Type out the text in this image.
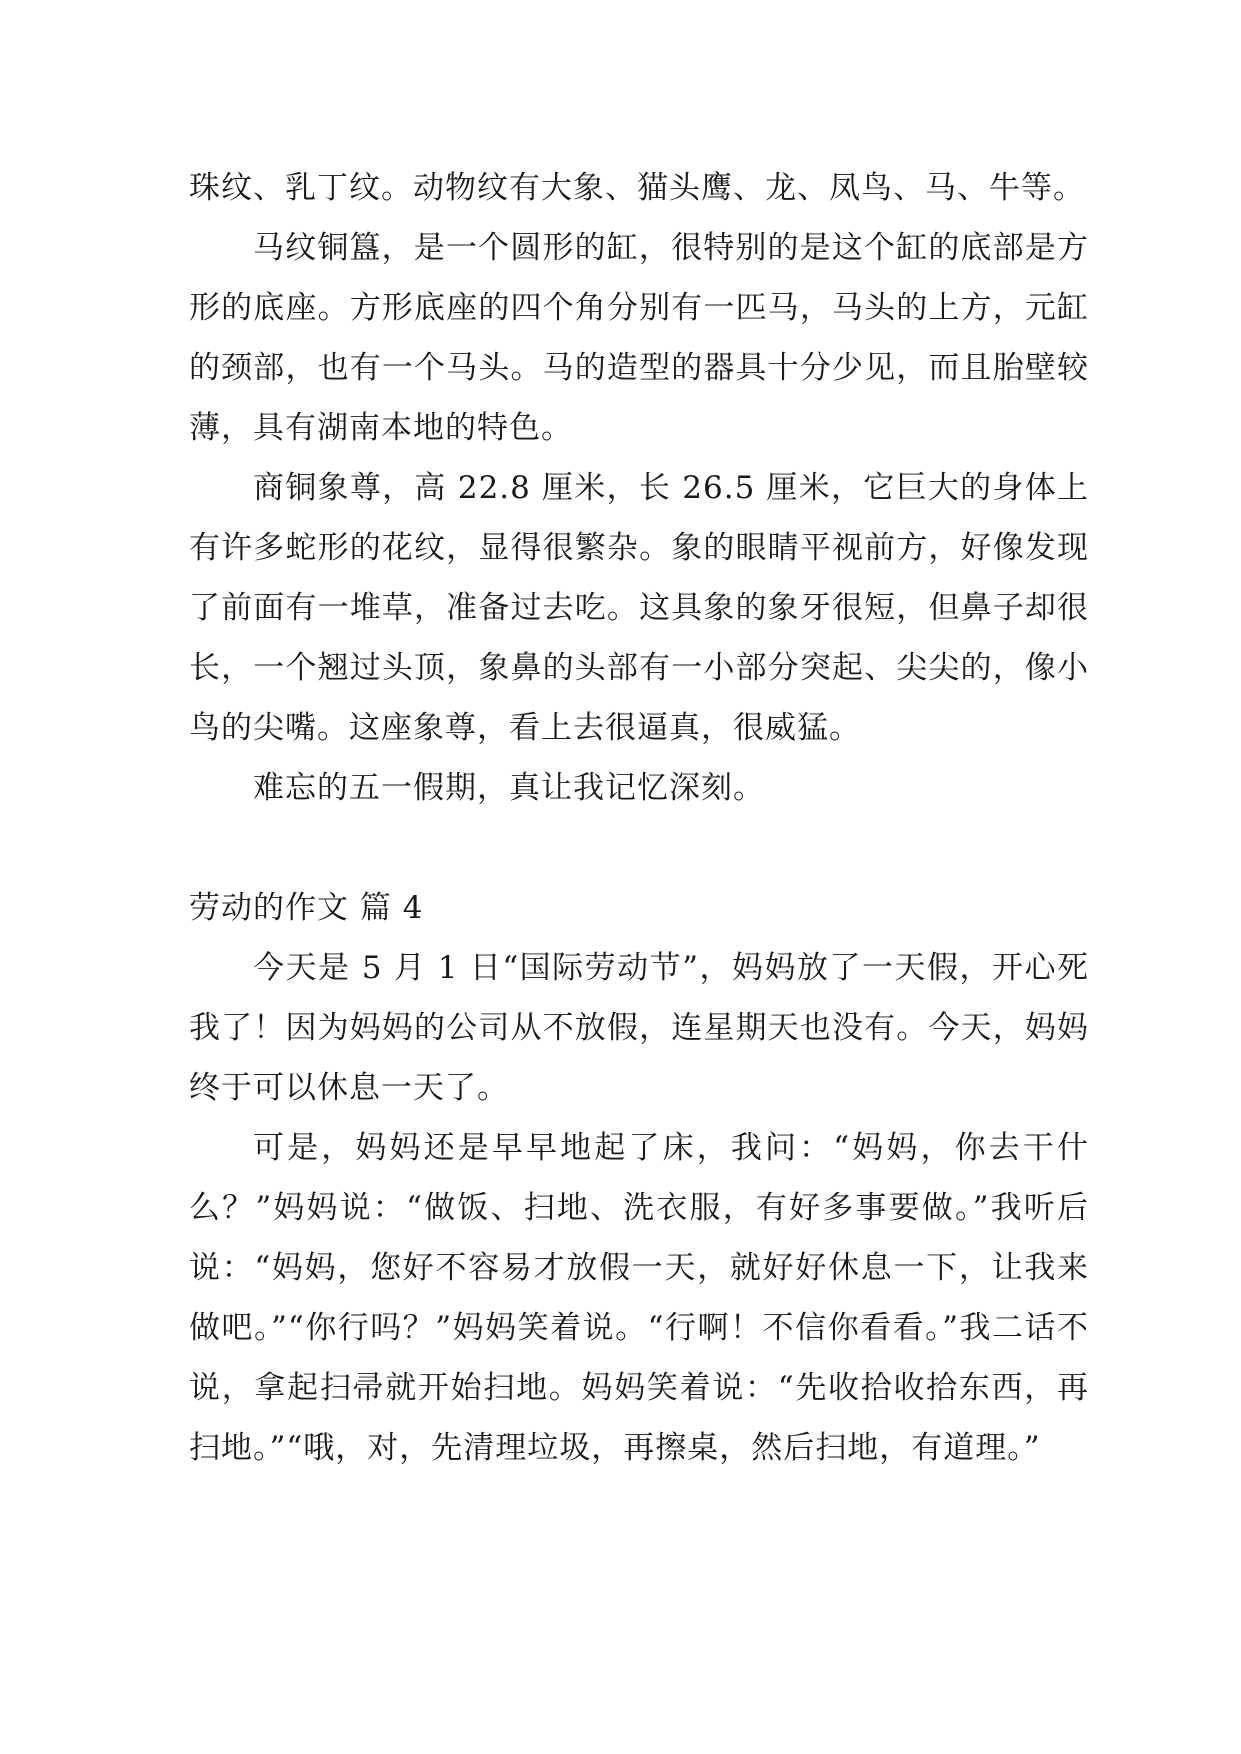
珠纹、乳丁纹。动物纹有大象、猫头鹰、龙、凤鸟、马、牛等。

马纹铜簋，是一个圆形的缸，很特别的是这个缸的底部是方形的底座。方形底座的四个角分别有一匹马，马头的上方，元缸的颈部，也有一个马头。马的造型的器具十分少见，而且胎壁较薄，具有湖南本地的特色。

商铜象尊，高 22.8 厘米，长 26.5 厘米，它巨大的身体上有许多蛇形的花纹，显得很繁杂。象的眼睛平视前方，好像发现了前面有一堆草，准备过去吃。这具象的象牙很短，但鼻子却很长，一个翘过头顶，象鼻的头部有一小部分突起、尖尖的，像小鸟的尖嘴。这座象尊，看上去很逼真，很威猛。

难忘的五一假期，真让我记忆深刻。

劳动的作文 篇 4

今天是 5 月 1 日“国际劳动节”，妈妈放了一天假，开心死我了！因为妈妈的公司从不放假，连星期天也没有。今天，妈妈终于可以休息一天了。

可是，妈妈还是早早地起了床，我问：“妈妈，你去干什么？”妈妈说：“做饭、扫地、洗衣服，有好多事要做。”我听后说：“妈妈，您好不容易才放假一天，就好好休息一下，让我来做吧。”“你行吗？”妈妈笑着说。“行啊！不信你看看。”我二话不说，拿起扫帚就开始扫地。妈妈笑着说：“先收拾收拾东西，再扫地。”“哦，对，先清理垃圾，再擦桌，然后扫地，有道理。”
